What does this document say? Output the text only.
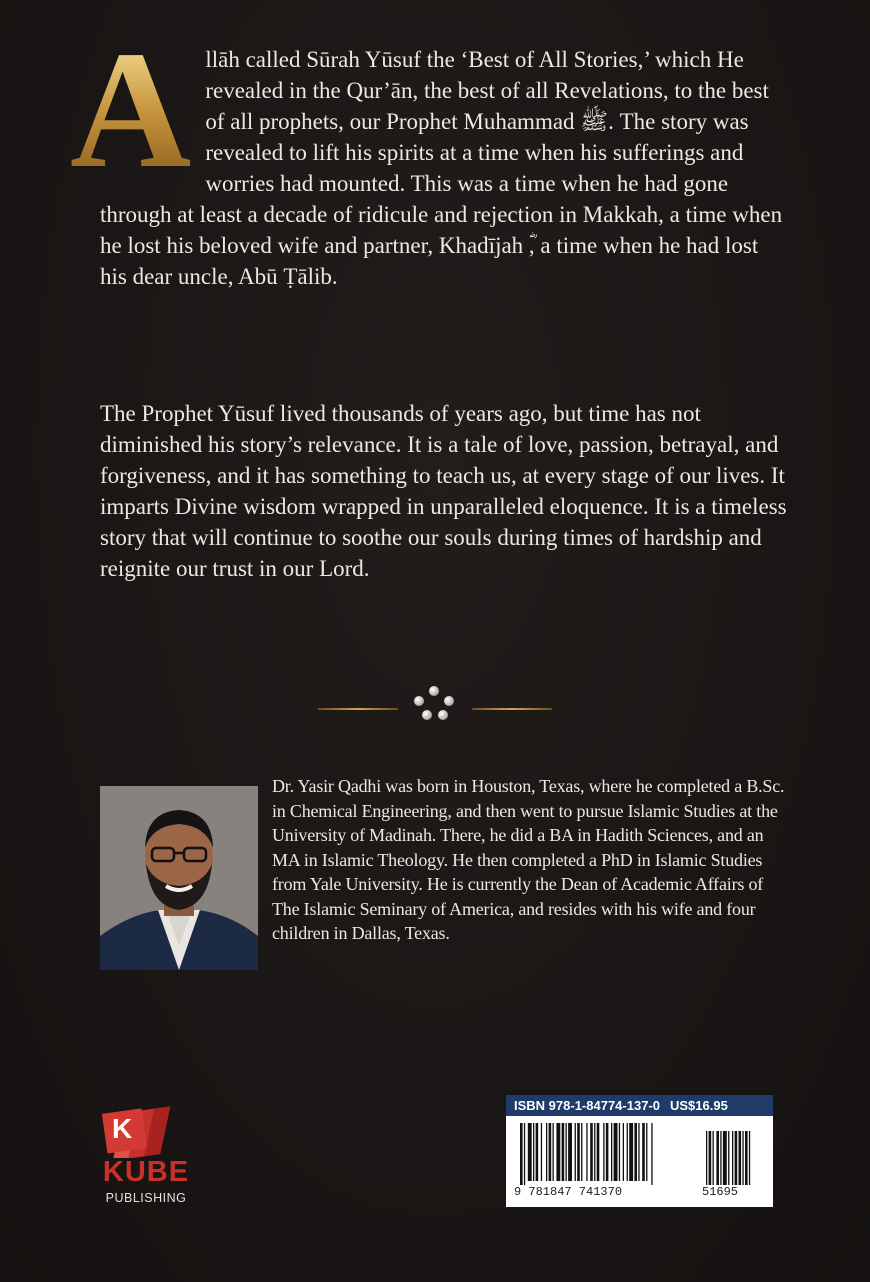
A llāh called Sūrah Yūsuf the ‘Best of All Stories,’ which He revealed in the Qur’ān, the best of all Revelations, to the best of all prophets, our Prophet Muhammad ﷺ. The story was revealed to lift his spirits at a time when his sufferings and worries had mounted. This was a time when he had gone through at least a decade of ridicule and rejection in Makkah, a time when he lost his beloved wife and partner, Khadījah ؓ, a time when he had lost his dear uncle, Abū Ṭālib.

The Prophet Yūsuf lived thousands of years ago, but time has not diminished his story’s relevance. It is a tale of love, passion, betrayal, and forgiveness, and it has something to teach us, at every stage of our lives. It imparts Divine wisdom wrapped in unparalleled eloquence. It is a timeless story that will continue to soothe our souls during times of hardship and reignite our trust in our Lord.

Dr. Yasir Qadhi was born in Houston, Texas, where he completed a B.Sc. in Chemical Engineering, and then went to pursue Islamic Studies at the University of Madinah. There, he did a BA in Hadith Sciences, and an MA in Islamic Theology. He then completed a PhD in Islamic Studies from Yale University. He is currently the Dean of Academic Affairs of The Islamic Seminary of America, and resides with his wife and four children in Dallas, Texas.

K
KUBE
PUBLISHING
ISBN 978-1-84774-137-0 US$16.95
9 781847 741370	51695
